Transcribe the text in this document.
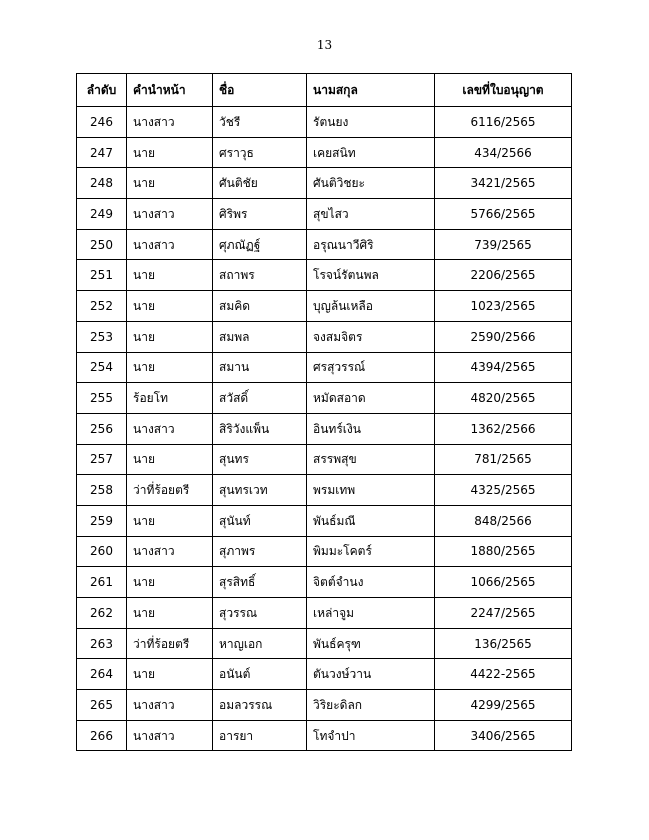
13
ลำดับ	คำนำหน้า	ชื่อ	นามสกุล	เลขที่ใบอนุญาต
246	นางสาว	วัชรี	รัตนยง	6116/2565
247	นาย	ศราวุธ	เคยสนิท	434/2566
248	นาย	ศันติชัย	ศันติวิชยะ	3421/2565
249	นางสาว	ศิริพร	สุขไสว	5766/2565
250	นางสาว	ศุภณัฏฐ์	อรุณนาวีศิริ	739/2565
251	นาย	สถาพร	โรจน์รัตนพล	2206/2565
252	นาย	สมคิด	บุญล้นเหลือ	1023/2565
253	นาย	สมพล	จงสมจิตร	2590/2566
254	นาย	สมาน	ศรสุวรรณ์	4394/2565
255	ร้อยโท	สวัสดิ์	หมัดสอาด	4820/2565
256	นางสาว	สิริวังแพ็น	อินทร์เงิน	1362/2566
257	นาย	สุนทร	สรรพสุข	781/2565
258	ว่าที่ร้อยตรี	สุนทรเวท	พรมเทพ	4325/2565
259	นาย	สุนันท์	พันธ์มณี	848/2566
260	นางสาว	สุภาพร	พิมมะโคตร์	1880/2565
261	นาย	สุรสิทธิ์	จิตต์จำนง	1066/2565
262	นาย	สุวรรณ	เหล่าจูม	2247/2565
263	ว่าที่ร้อยตรี	หาญเอก	พันธ์ครุฑ	136/2565
264	นาย	อนันต์	ตันวงษ์วาน	4422-2565
265	นางสาว	อมลวรรณ	วิริยะดิลก	4299/2565
266	นางสาว	อารยา	โทจำปา	3406/2565
